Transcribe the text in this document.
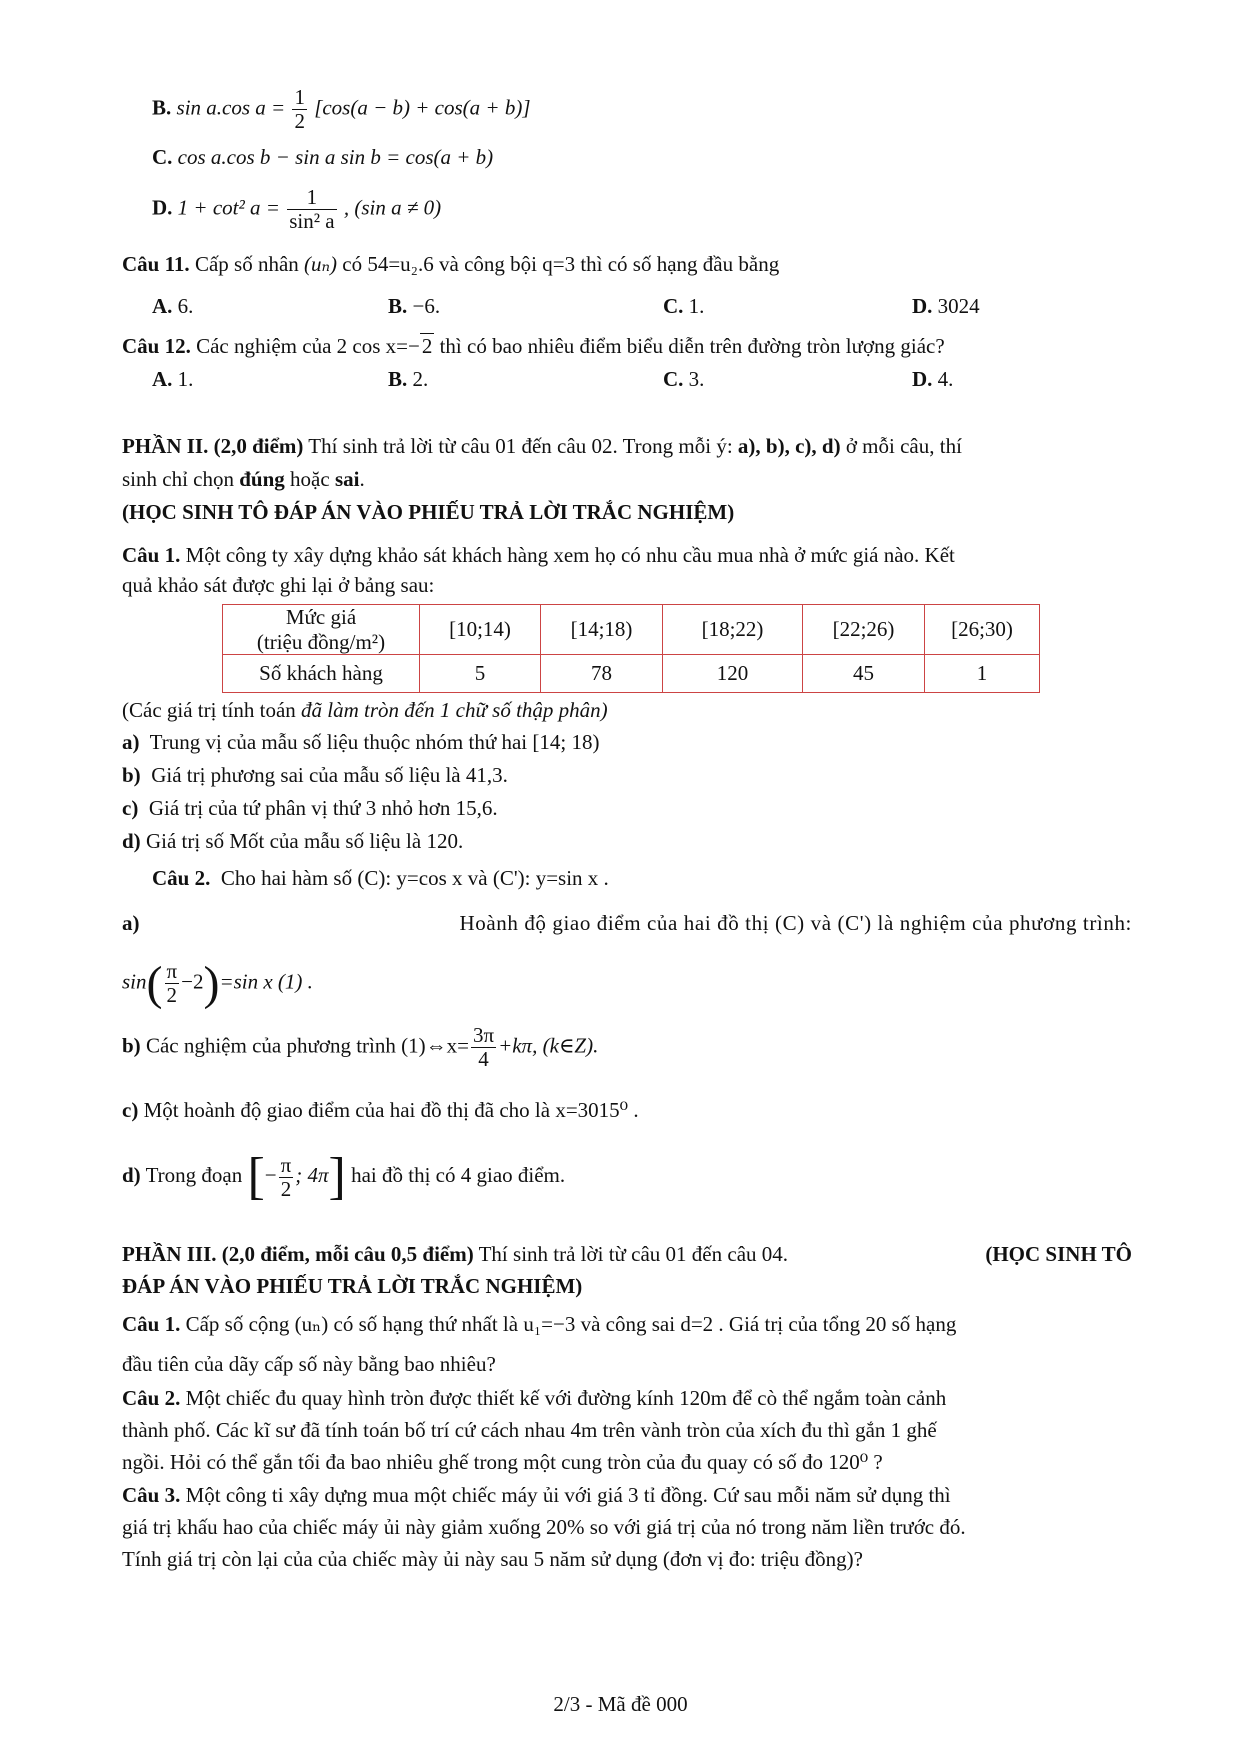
B. sin a.cos $a = \frac{1}{2} [\cos(a - b) + \cos(a + b)]$
C. cos a.cos b − sin a sin b = cos(a + b)
D. 1 + cot² $a = \frac{1}{\text{sin² a}}$ , (sin a ≠ 0)
Câu 11. Cấp số nhân (uₙ) có 54=u₂.6 và công bội q=3 thì có số hạng đầu bằng
A. 6.	B. −6.	C. 1.	D. 3024
Câu 12. Các nghiệm của 2 cos x=−2 thì có bao nhiêu điểm biểu diễn trên đường tròn lượng giác?
A. 1.	B. 2.	C. 3.	D. 4.
PHẦN II. (2,0 điểm) Thí sinh trả lời từ câu 01 đến câu 02. Trong mỗi ý: a), b), c), d) ở mỗi câu, thí
sinh chỉ chọn đúng hoặc sai.
(HỌC SINH TÔ ĐÁP ÁN VÀO PHIẾU TRẢ LỜI TRẮC NGHIỆM)
Câu 1. Một công ty xây dựng khảo sát khách hàng xem họ có nhu cầu mua nhà ở mức giá nào. Kết
quả khảo sát được ghi lại ở bảng sau:
Mức giá
(triệu đồng/m²)	[10;14)	[14;18)	[18;22)	[22;26)	[26;30)
Số khách hàng	5	78	120	45	1
(Các giá trị tính toán đã làm tròn đến 1 chữ số thập phân)
a) Trung vị của mẫu số liệu thuộc nhóm thứ hai [14; 18)
b) Giá trị phương sai của mẫu số liệu là 41,3.
c) Giá trị của tứ phân vị thứ 3 nhỏ hơn 15,6.
d) Giá trị số Mốt của mẫu số liệu là 120.
Câu 2. Cho hai hàm số (C): y=cos x và (C'): y=sin x .
a)	Hoành độ giao điểm của hai đồ thị (C) và (C') là nghiệm của phương trình:
$\sin( \frac{\pi}{2} -2)=\sin$ x (1) .
b) Các nghiệm của phương trình (1)⇔x= $\frac{3\pi}{4} +k\pi$, (k∈Z).
c) Một hoành độ giao điểm của hai đồ thị đã cho là x=3015⁰ .
d) Trong đoạn [− $\frac{\pi}{2}$ ; 4π] hai đồ thị có 4 giao điểm.
PHẦN III. (2,0 điểm, mỗi câu 0,5 điểm) Thí sinh trả lời từ câu 01 đến câu 04.	(HỌC SINH TÔ
ĐÁP ÁN VÀO PHIẾU TRẢ LỜI TRẮC NGHIỆM)
Câu 1. Cấp số cộng (uₙ) có số hạng thứ nhất là u₁=−3 và công sai d=2 . Giá trị của tổng 20 số hạng
đầu tiên của dãy cấp số này bằng bao nhiêu?
Câu 2. Một chiếc đu quay hình tròn được thiết kế với đường kính 120m để cò thể ngắm toàn cảnh
thành phố. Các kĩ sư đã tính toán bố trí cứ cách nhau 4m trên vành tròn của xích đu thì gắn 1 ghế
ngồi. Hỏi có thể gắn tối đa bao nhiêu ghế trong một cung tròn của đu quay có số đo 120⁰ ?
Câu 3. Một công ti xây dựng mua một chiếc máy ủi với giá 3 tỉ đồng. Cứ sau mỗi năm sử dụng thì
giá trị khấu hao của chiếc máy ủi này giảm xuống 20% so với giá trị của nó trong năm liền trước đó.
Tính giá trị còn lại của của chiếc mày ủi này sau 5 năm sử dụng (đơn vị đo: triệu đồng)?
2/3 - Mã đề 000
